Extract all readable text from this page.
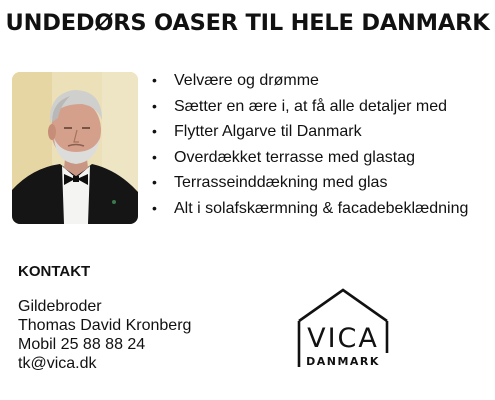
UNDEDØRS OASER TIL HELE DANMARK
• Velvære og drømme
• Sætter en ære i, at få alle detaljer med
• Flytter Algarve til Danmark
• Overdækket terrasse med glastag
• Terrasseinddækning med glas
• Alt i solafskærmning & facadebeklædning
KONTAKT
Gildebroder
Thomas David Kronberg
Mobil 25 88 88 24
tk@vica.dk
VICA
DANMARK
